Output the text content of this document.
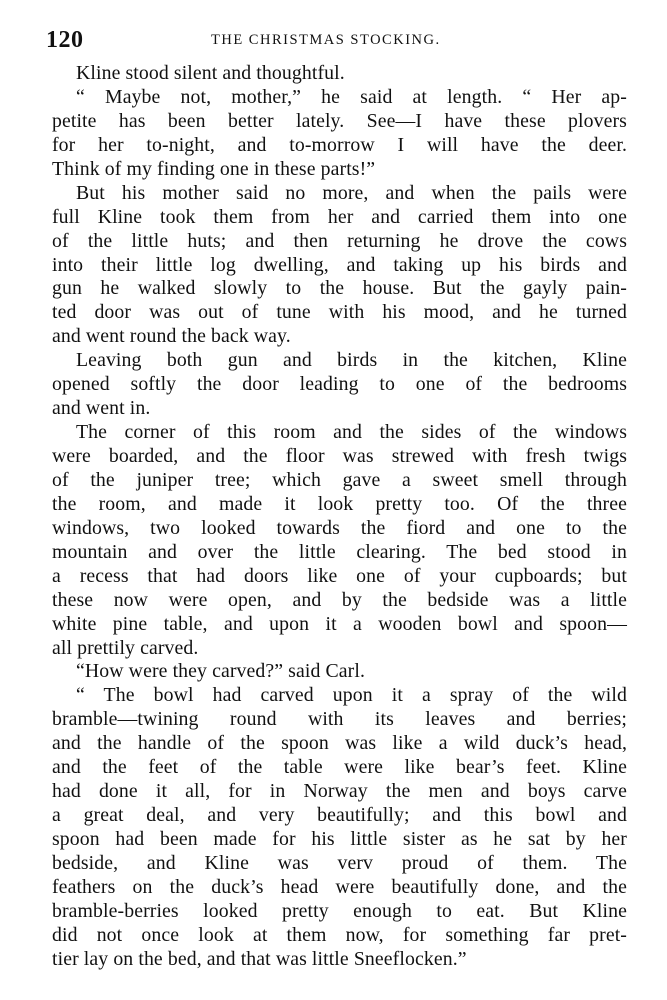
120	THE CHRISTMAS STOCKING.
Kline stood silent and thoughtful.
“ Maybe not, mother,” he said at length. “ Her ap-
petite has been better lately. See—I have these plovers
for her to-night, and to-morrow I will have the deer.
Think of my finding one in these parts!”
But his mother said no more, and when the pails were
full Kline took them from her and carried them into one
of the little huts; and then returning he drove the cows
into their little log dwelling, and taking up his birds and
gun he walked slowly to the house. But the gayly pain-
ted door was out of tune with his mood, and he turned
and went round the back way.
Leaving both gun and birds in the kitchen, Kline
opened softly the door leading to one of the bedrooms
and went in.
The corner of this room and the sides of the windows
were boarded, and the floor was strewed with fresh twigs
of the juniper tree; which gave a sweet smell through
the room, and made it look pretty too. Of the three
windows, two looked towards the fiord and one to the
mountain and over the little clearing. The bed stood in
a recess that had doors like one of your cupboards; but
these now were open, and by the bedside was a little
white pine table, and upon it a wooden bowl and spoon—
all prettily carved.
“How were they carved?” said Carl.
“ The bowl had carved upon it a spray of the wild
bramble—twining round with its leaves and berries;
and the handle of the spoon was like a wild duck’s head,
and the feet of the table were like bear’s feet. Kline
had done it all, for in Norway the men and boys carve
a great deal, and very beautifully; and this bowl and
spoon had been made for his little sister as he sat by her
bedside, and Kline was verv proud of them. The
feathers on the duck’s head were beautifully done, and the
bramble-berries looked pretty enough to eat. But Kline
did not once look at them now, for something far pret-
tier lay on the bed, and that was little Sneeflocken.”
